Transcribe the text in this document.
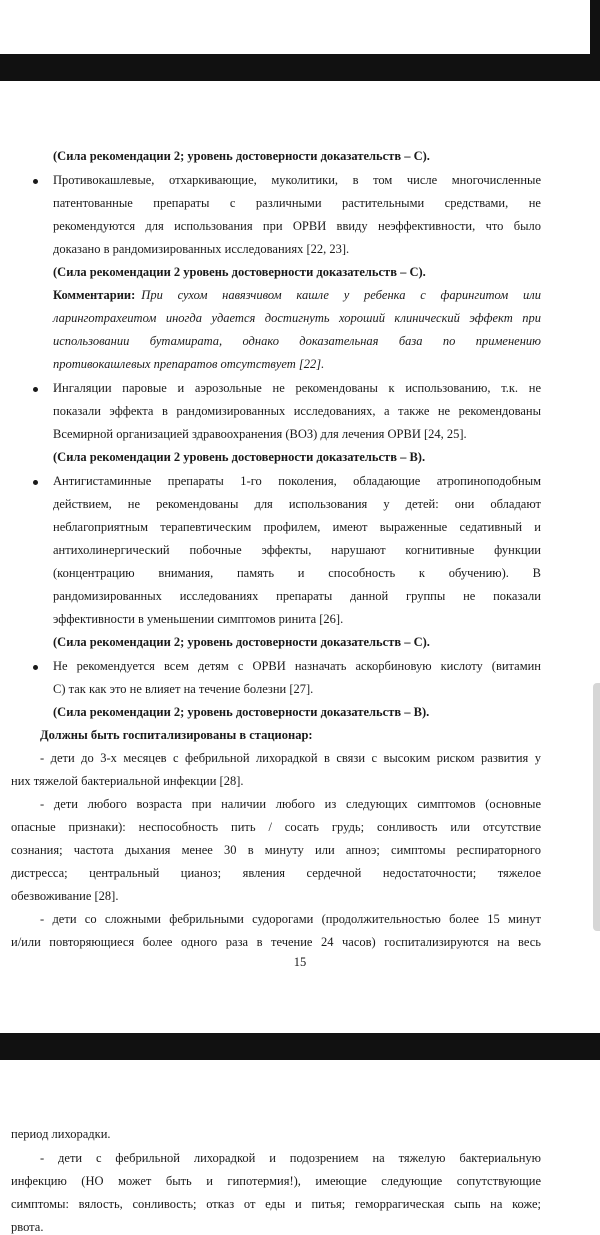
(Сила рекомендации 2; уровень достоверности доказательств – С).
Противокашлевые, отхаркивающие, муколитики, в том числе многочисленные
патентованные препараты с различными растительными средствами, не
рекомендуются для использования при ОРВИ ввиду неэффективности, что было
доказано в рандомизированных исследованиях [22, 23].
(Сила рекомендации 2 уровень достоверности доказательств – С).
Комментарии: При сухом навязчивом кашле у ребенка с фарингитом или
ларинготрахеитом иногда удается достигнуть хороший клинический эффект при
использовании бутамирата, однако доказательная база по применению
противокашлевых препаратов отсутствует [22].
Ингаляции паровые и аэрозольные не рекомендованы к использованию, т.к. не
показали эффекта в рандомизированных исследованиях, а также не рекомендованы
Всемирной организацией здравоохранения (ВОЗ) для лечения ОРВИ [24, 25].
(Сила рекомендации 2 уровень достоверности доказательств – В).
Антигистаминные препараты 1-го поколения, обладающие атропиноподобным
действием, не рекомендованы для использования у детей: они обладают
неблагоприятным терапевтическим профилем, имеют выраженные седативный и
антихолинергический побочные эффекты, нарушают когнитивные функции
(концентрацию внимания, память и способность к обучению). В
рандомизированных исследованиях препараты данной группы не показали
эффективности в уменьшении симптомов ринита [26].
(Сила рекомендации 2; уровень достоверности доказательств – С).
Не рекомендуется всем детям с ОРВИ назначать аскорбиновую кислоту (витамин
С) так как это не влияет на течение болезни [27].
(Сила рекомендации 2; уровень достоверности доказательств – В).
Должны быть госпитализированы в стационар:
- дети до 3-х месяцев с фебрильной лихорадкой в связи с высоким риском развития у
них тяжелой бактериальной инфекции [28].
- дети любого возраста при наличии любого из следующих симптомов (основные
опасные признаки): неспособность пить / сосать грудь; сонливость или отсутствие
сознания; частота дыхания менее 30 в минуту или апноэ; симптомы респираторного
дистресса; центральный цианоз; явления сердечной недостаточности; тяжелое
обезвоживание [28].
- дети со сложными фебрильными судорогами (продолжительностью более 15 минут
и/или повторяющиеся более одного раза в течение 24 часов) госпитализируются на весь
15
период лихорадки.
- дети с фебрильной лихорадкой и подозрением на тяжелую бактериальную
инфекцию (НО может быть и гипотермия!), имеющие следующие сопутствующие
симптомы: вялость, сонливость; отказ от еды и питья; геморрагическая сыпь на коже;
рвота.
